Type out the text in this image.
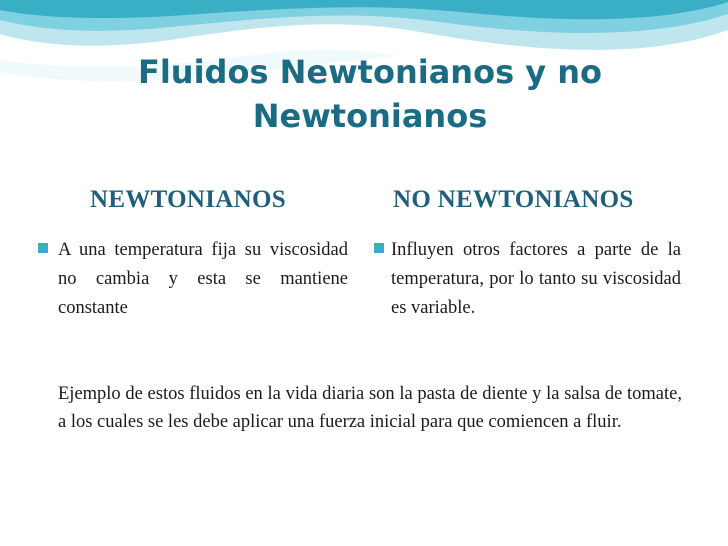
Fluidos Newtonianos y no Newtonianos
NEWTONIANOS	NO NEWTONIANOS

A una temperatura fija su viscosidad no cambia y esta se mantiene constante

Influyen otros factores a parte de la temperatura, por lo tanto su viscosidad es variable.

Ejemplo de estos fluidos en la vida diaria son la pasta de diente y la salsa de tomate, a los cuales se les debe aplicar una fuerza inicial para que comiencen a fluir.
